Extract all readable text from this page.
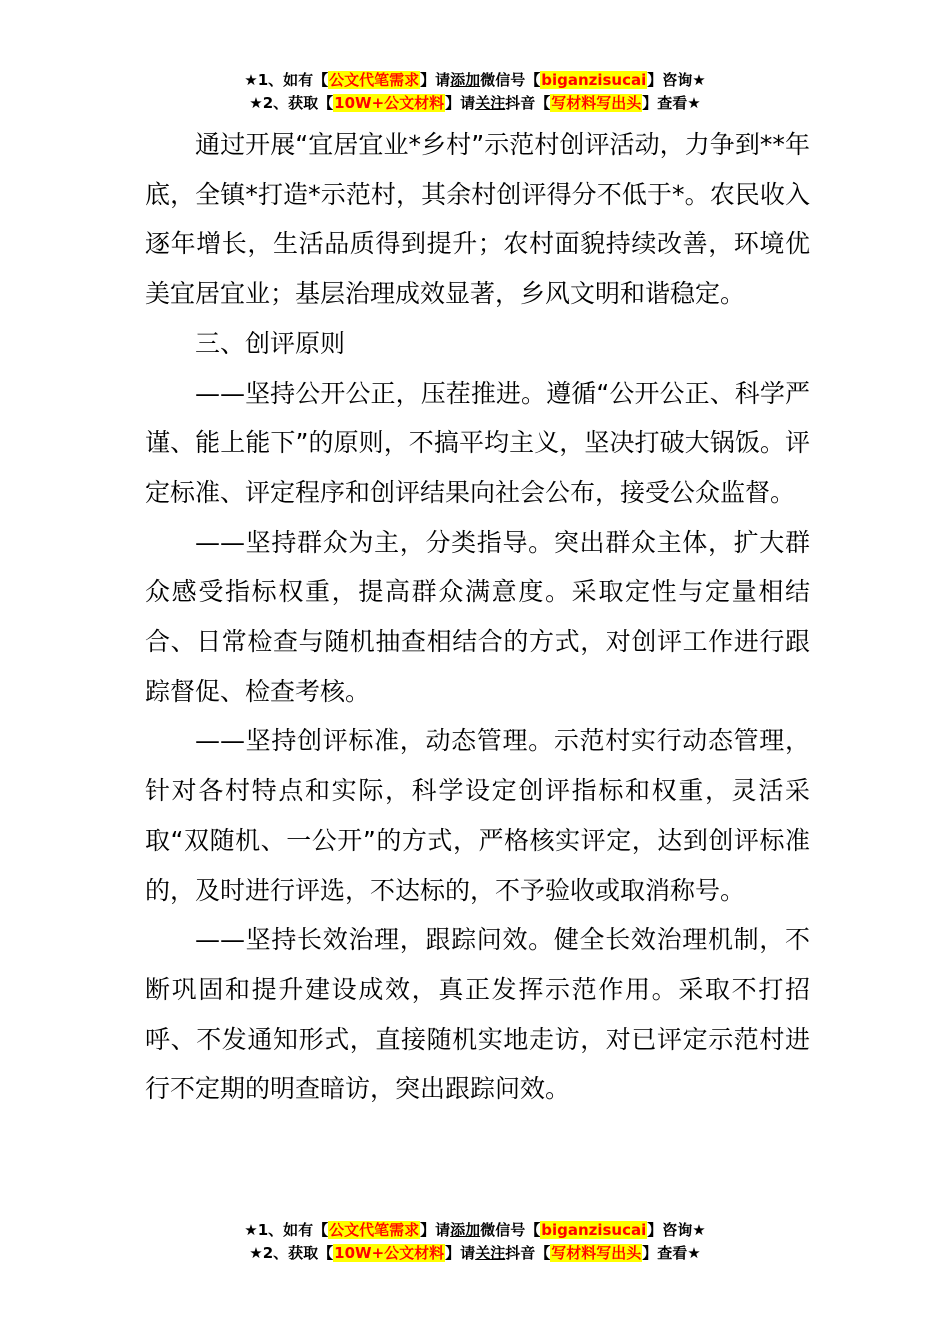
★1、如有【公文代笔需求】请添加微信号【biganzisucai】咨询★
★2、获取【10W+公文材料】请关注抖音【写材料写出头】查看★

通过开展“宜居宜业*乡村”示范村创评活动，力争到**年底，全镇*打造*示范村，其余村创评得分不低于*。农民收入逐年增长，生活品质得到提升；农村面貌持续改善，环境优美宜居宜业；基层治理成效显著，乡风文明和谐稳定。

三、创评原则

——坚持公开公正，压茬推进。遵循“公开公正、科学严谨、能上能下”的原则，不搞平均主义，坚决打破大锅饭。评定标准、评定程序和创评结果向社会公布，接受公众监督。

——坚持群众为主，分类指导。突出群众主体，扩大群众感受指标权重，提高群众满意度。采取定性与定量相结合、日常检查与随机抽查相结合的方式，对创评工作进行跟踪督促、检查考核。

——坚持创评标准，动态管理。示范村实行动态管理，针对各村特点和实际，科学设定创评指标和权重，灵活采取“双随机、一公开”的方式，严格核实评定，达到创评标准的，及时进行评选，不达标的，不予验收或取消称号。

——坚持长效治理，跟踪问效。健全长效治理机制，不断巩固和提升建设成效，真正发挥示范作用。采取不打招呼、不发通知形式，直接随机实地走访，对已评定示范村进行不定期的明查暗访，突出跟踪问效。

★1、如有【公文代笔需求】请添加微信号【biganzisucai】咨询★
★2、获取【10W+公文材料】请关注抖音【写材料写出头】查看★
